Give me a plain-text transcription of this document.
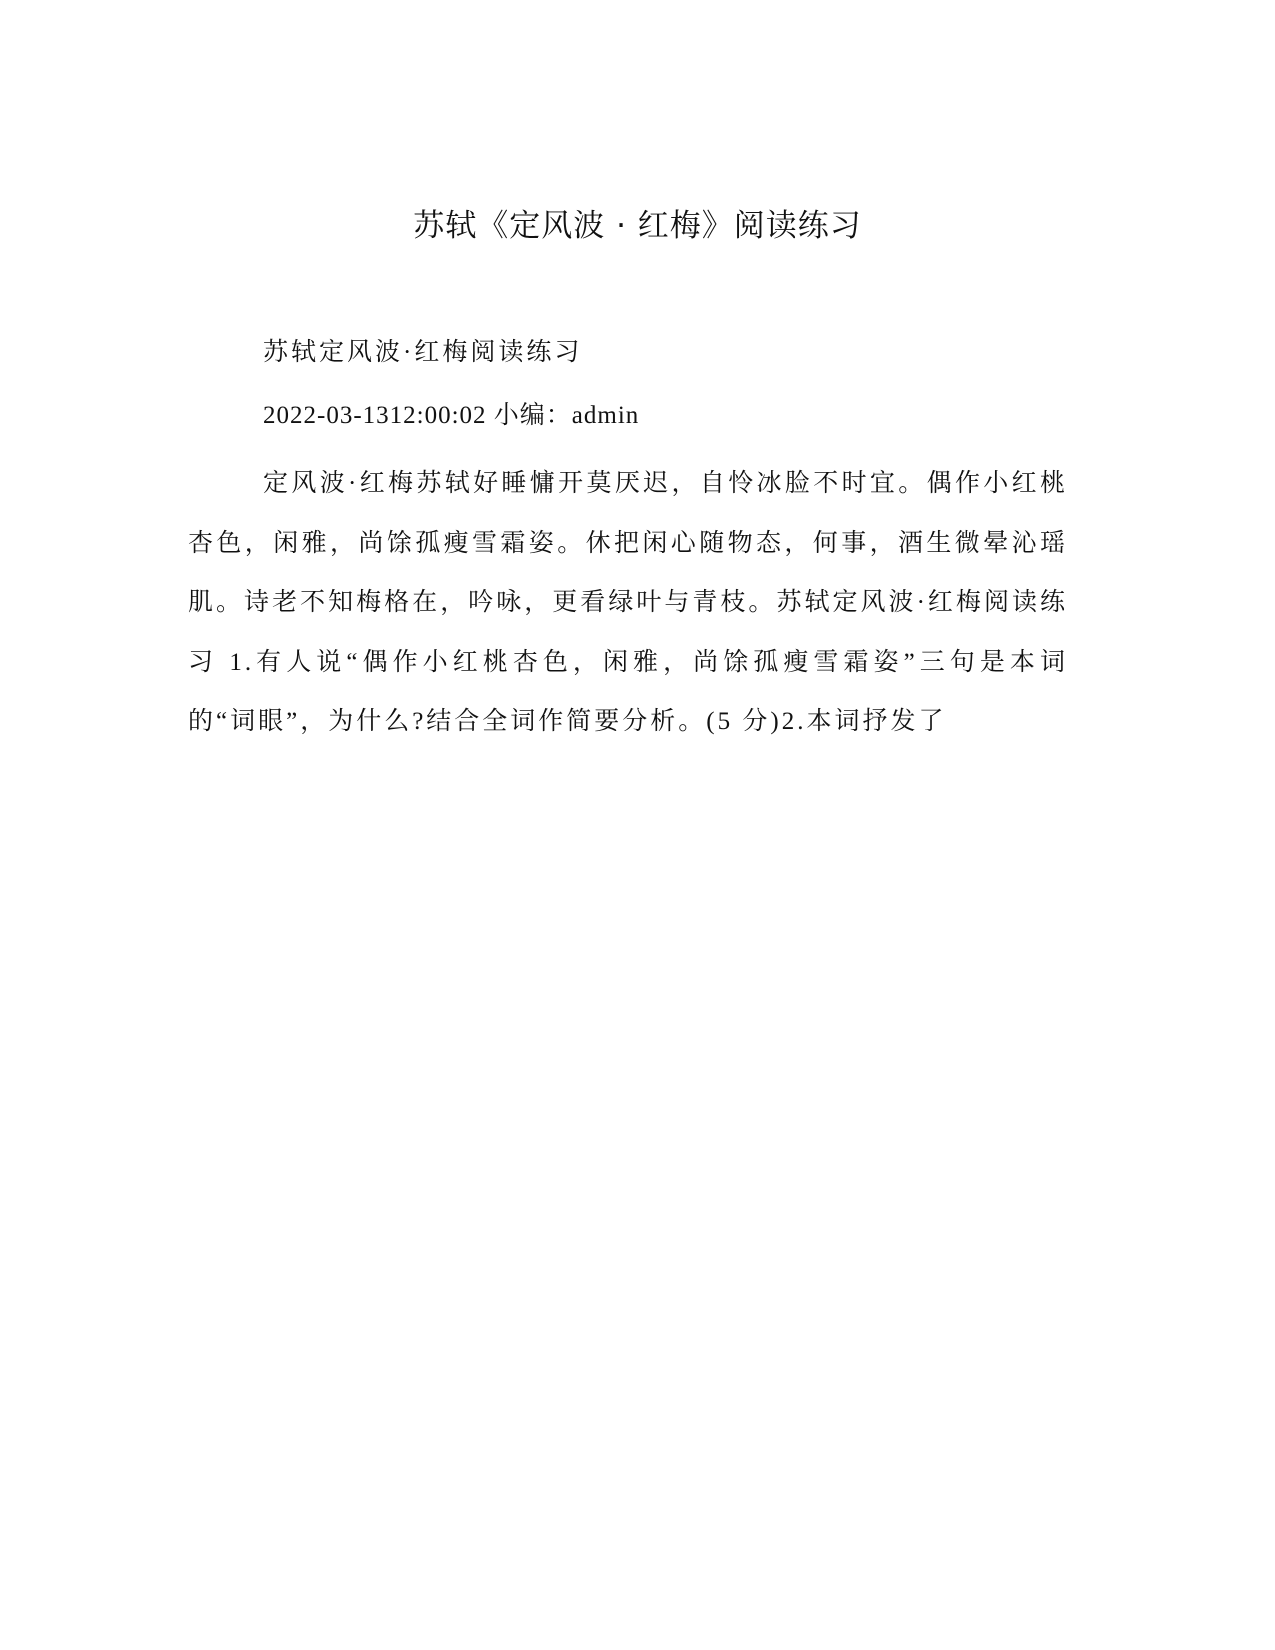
苏轼《定风波 · 红梅》阅读练习

苏轼定风波·红梅阅读练习

2022-03-1312:00:02 小编：admin

定风波·红梅苏轼好睡慵开莫厌迟，自怜冰脸不时宜。偶作小红桃杏色，闲雅，尚馀孤瘦雪霜姿。休把闲心随物态，何事，酒生微晕沁瑶肌。诗老不知梅格在，吟咏，更看绿叶与青枝。苏轼定风波·红梅阅读练习 1.有人说“偶作小红桃杏色，闲雅，尚馀孤瘦雪霜姿”三句是本词的“词眼”，为什么?结合全词作简要分析。(5 分)2.本词抒发了
